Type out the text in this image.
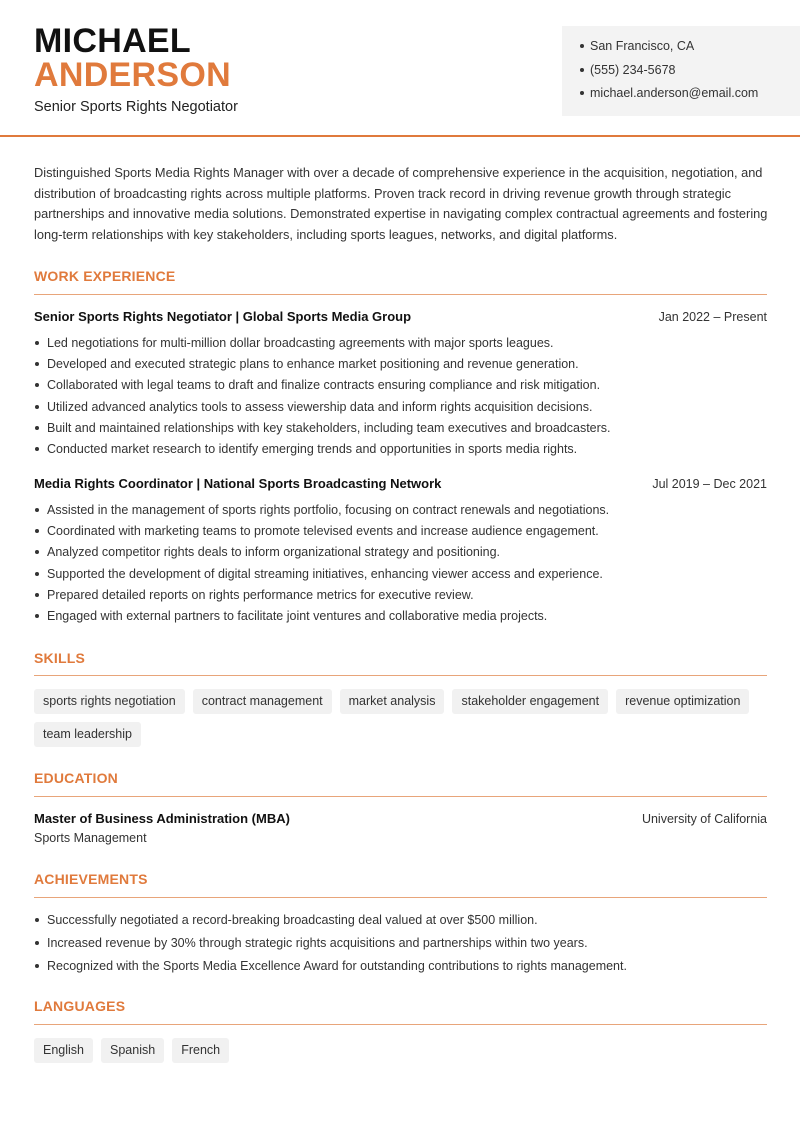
MICHAEL
ANDERSON
Senior Sports Rights Negotiator
San Francisco, CA
(555) 234-5678
michael.anderson@email.com

Distinguished Sports Media Rights Manager with over a decade of comprehensive experience in the acquisition, negotiation, and distribution of broadcasting rights across multiple platforms. Proven track record in driving revenue growth through strategic partnerships and innovative media solutions. Demonstrated expertise in navigating complex contractual agreements and fostering long-term relationships with key stakeholders, including sports leagues, networks, and digital platforms.

WORK EXPERIENCE
Senior Sports Rights Negotiator | Global Sports Media Group	Jan 2022 – Present
Led negotiations for multi-million dollar broadcasting agreements with major sports leagues.
Developed and executed strategic plans to enhance market positioning and revenue generation.
Collaborated with legal teams to draft and finalize contracts ensuring compliance and risk mitigation.
Utilized advanced analytics tools to assess viewership data and inform rights acquisition decisions.
Built and maintained relationships with key stakeholders, including team executives and broadcasters.
Conducted market research to identify emerging trends and opportunities in sports media rights.
Media Rights Coordinator | National Sports Broadcasting Network	Jul 2019 – Dec 2021
Assisted in the management of sports rights portfolio, focusing on contract renewals and negotiations.
Coordinated with marketing teams to promote televised events and increase audience engagement.
Analyzed competitor rights deals to inform organizational strategy and positioning.
Supported the development of digital streaming initiatives, enhancing viewer access and experience.
Prepared detailed reports on rights performance metrics for executive review.
Engaged with external partners to facilitate joint ventures and collaborative media projects.
SKILLS
sports rights negotiation	contract management	market analysis	stakeholder engagement	revenue optimization
team leadership
EDUCATION
Master of Business Administration (MBA)	University of California
Sports Management
ACHIEVEMENTS
Successfully negotiated a record-breaking broadcasting deal valued at over $500 million.
Increased revenue by 30% through strategic rights acquisitions and partnerships within two years.
Recognized with the Sports Media Excellence Award for outstanding contributions to rights management.
LANGUAGES
English	Spanish	French
